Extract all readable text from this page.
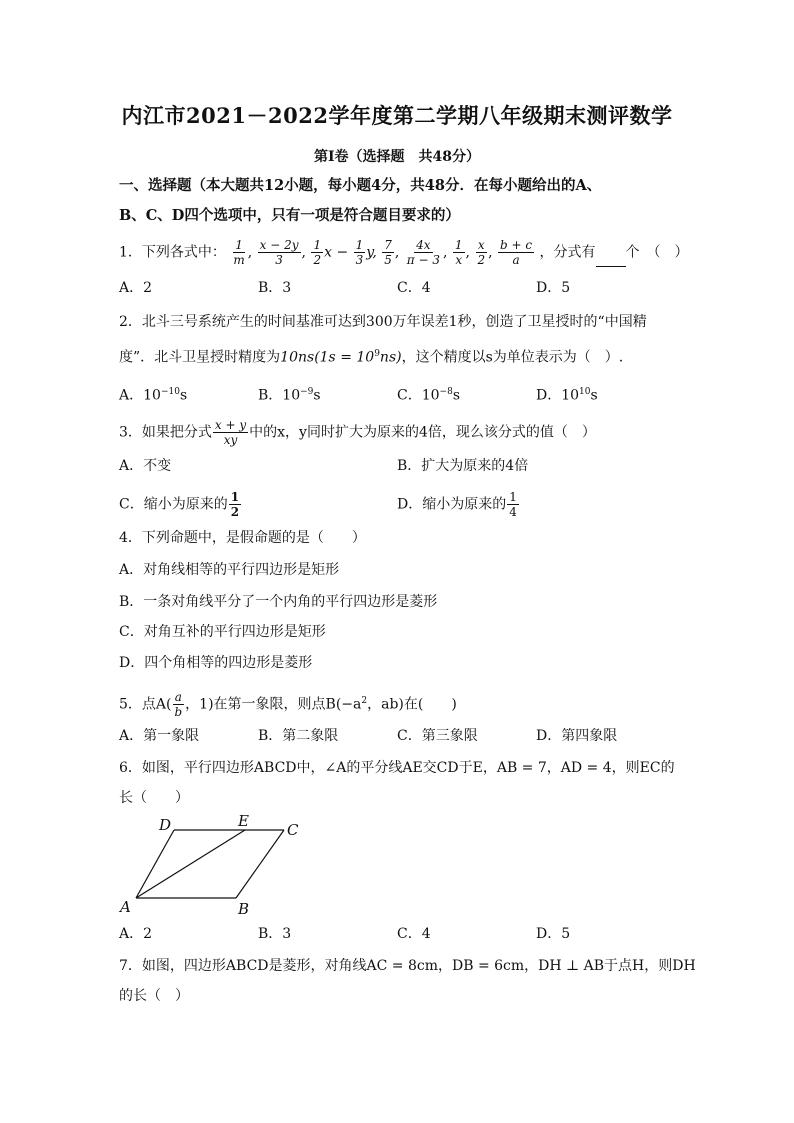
内江市2021－2022学年度第二学期八年级期末测评数学
第Ⅰ卷（选择题　共48分）
一、选择题（本大题共12小题，每小题4分，共48分．在每小题给出的A、
B、C、D四个选项中，只有一项是符合题目要求的）
1．下列各式中： $\frac{1}{m}$ , $\frac{x - 2y}{3}$ , $\frac{1}{2}$ $x - \frac{1}{3} y$, $\frac{7}{5}$ , $\frac{4x}{\pi - 3}$ , $\frac{1}{x}$ , $\frac{x}{2}$ , $\frac{b + c}{a}$ ，分式有 个　（　）
A．2	B．3	C．4	D．5
2．北斗三号系统产生的时间基准可达到300万年误差1秒，创造了卫星授时的“中国精
度”．北斗卫星授时精度为$10ns(1s = 10^9ns)$，这个精度以s为单位表示为（　）.
A．$10^{-10}s$	B．$10^{-9}s$	C．$10^{-8}s$	D．$10^{10}s$
3．如果把分式 $\frac{x + y}{xy}$ 中的x，y同时扩大为原来的4倍，现么该分式的值（　）
A．不变	B．扩大为原来的4倍
C．缩小为原来的 $\frac{1}{2}$	D．缩小为原来的 $\frac{1}{4}$
4．下列命题中，是假命题的是（　　）
A．对角线相等的平行四边形是矩形
B．一条对角线平分了一个内角的平行四边形是菱形
C．对角互补的平行四边形是矩形
D．四个角相等的四边形是菱形
5．点$A( \frac{a}{b}$ ，1)在第一象限，则点$B(-a^2$，ab)在(　　)
A．第一象限	B．第二象限	C．第三象限	D．第四象限
6．如图，平行四边形ABCD中，∠A的平分线AE交CD于E，AB = 7，AD = 4，则EC的
长（　　）
A	B
C
D	E
A．2	B．3	C．4	D．5
7．如图，四边形ABCD是菱形，对角线AC = 8cm，DB = 6cm，DH ⊥ AB于点H，则DH
的长（　）
